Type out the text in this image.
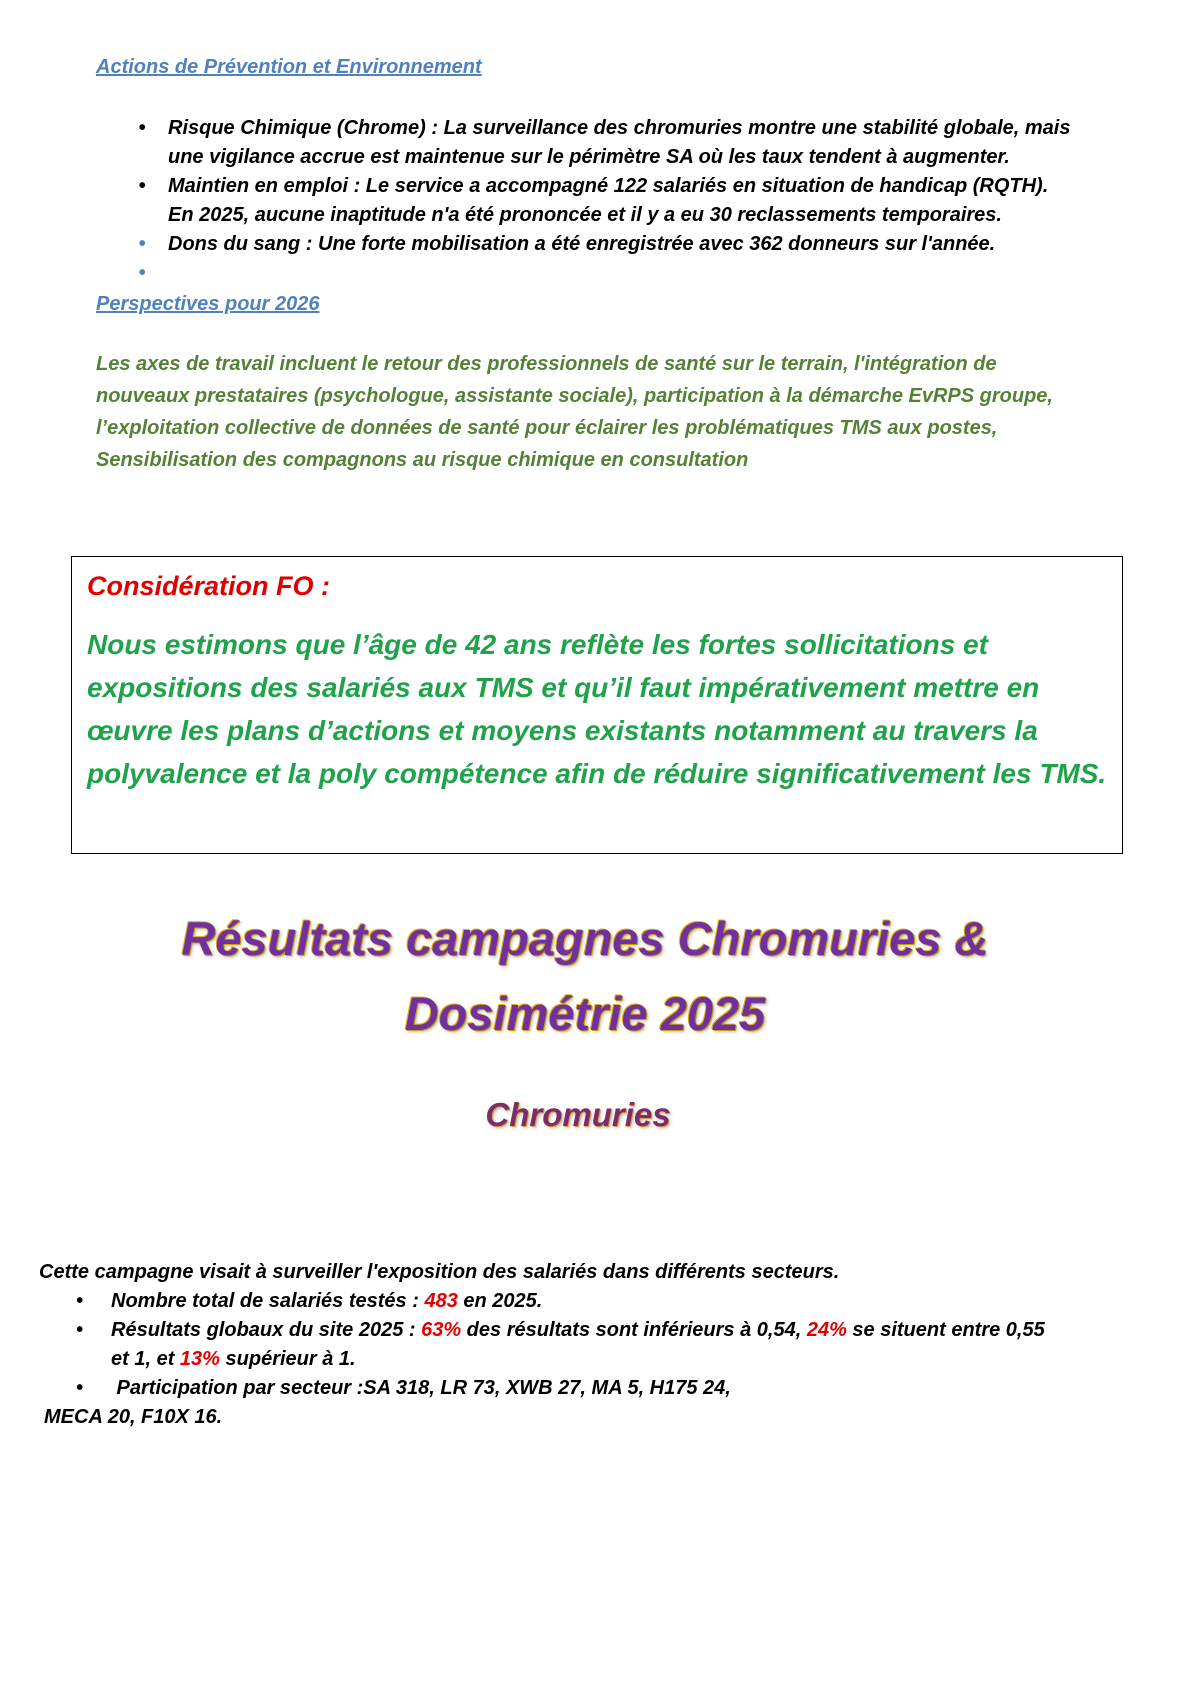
Actions de Prévention et Environnement
•	Risque Chimique (Chrome) : La surveillance des chromuries montre une stabilité globale, mais
une vigilance accrue est maintenue sur le périmètre SA où les taux tendent à augmenter.
•	Maintien en emploi : Le service a accompagné 122 salariés en situation de handicap (RQTH).
En 2025, aucune inaptitude n'a été prononcée et il y a eu 30 reclassements temporaires.
•	Dons du sang : Une forte mobilisation a été enregistrée avec 362 donneurs sur l'année.
•
Perspectives pour 2026
Les axes de travail incluent le retour des professionnels de santé sur le terrain, l'intégration de
nouveaux prestataires (psychologue, assistante sociale), participation à la démarche EvRPS groupe,
l’exploitation collective de données de santé pour éclairer les problématiques TMS aux postes,
Sensibilisation des compagnons au risque chimique en consultation
Considération FO :
Nous estimons que l’âge de 42 ans reflète les fortes sollicitations et
expositions des salariés aux TMS et qu’il faut impérativement mettre en
œuvre les plans d’actions et moyens existants notamment au travers la
polyvalence et la poly compétence afin de réduire significativement les TMS.
Résultats campagnes Chromuries &
Dosimétrie 2025
Chromuries
Cette campagne visait à surveiller l'exposition des salariés dans différents secteurs.
• Nombre total de salariés testés : 483 en 2025.
• Résultats globaux du site 2025 : 63% des résultats sont inférieurs à 0,54, 24% se situent entre 0,55
et 1, et 13% supérieur à 1.
• Participation par secteur :SA 318, LR 73, XWB 27, MA 5, H175 24,
MECA 20, F10X 16.
